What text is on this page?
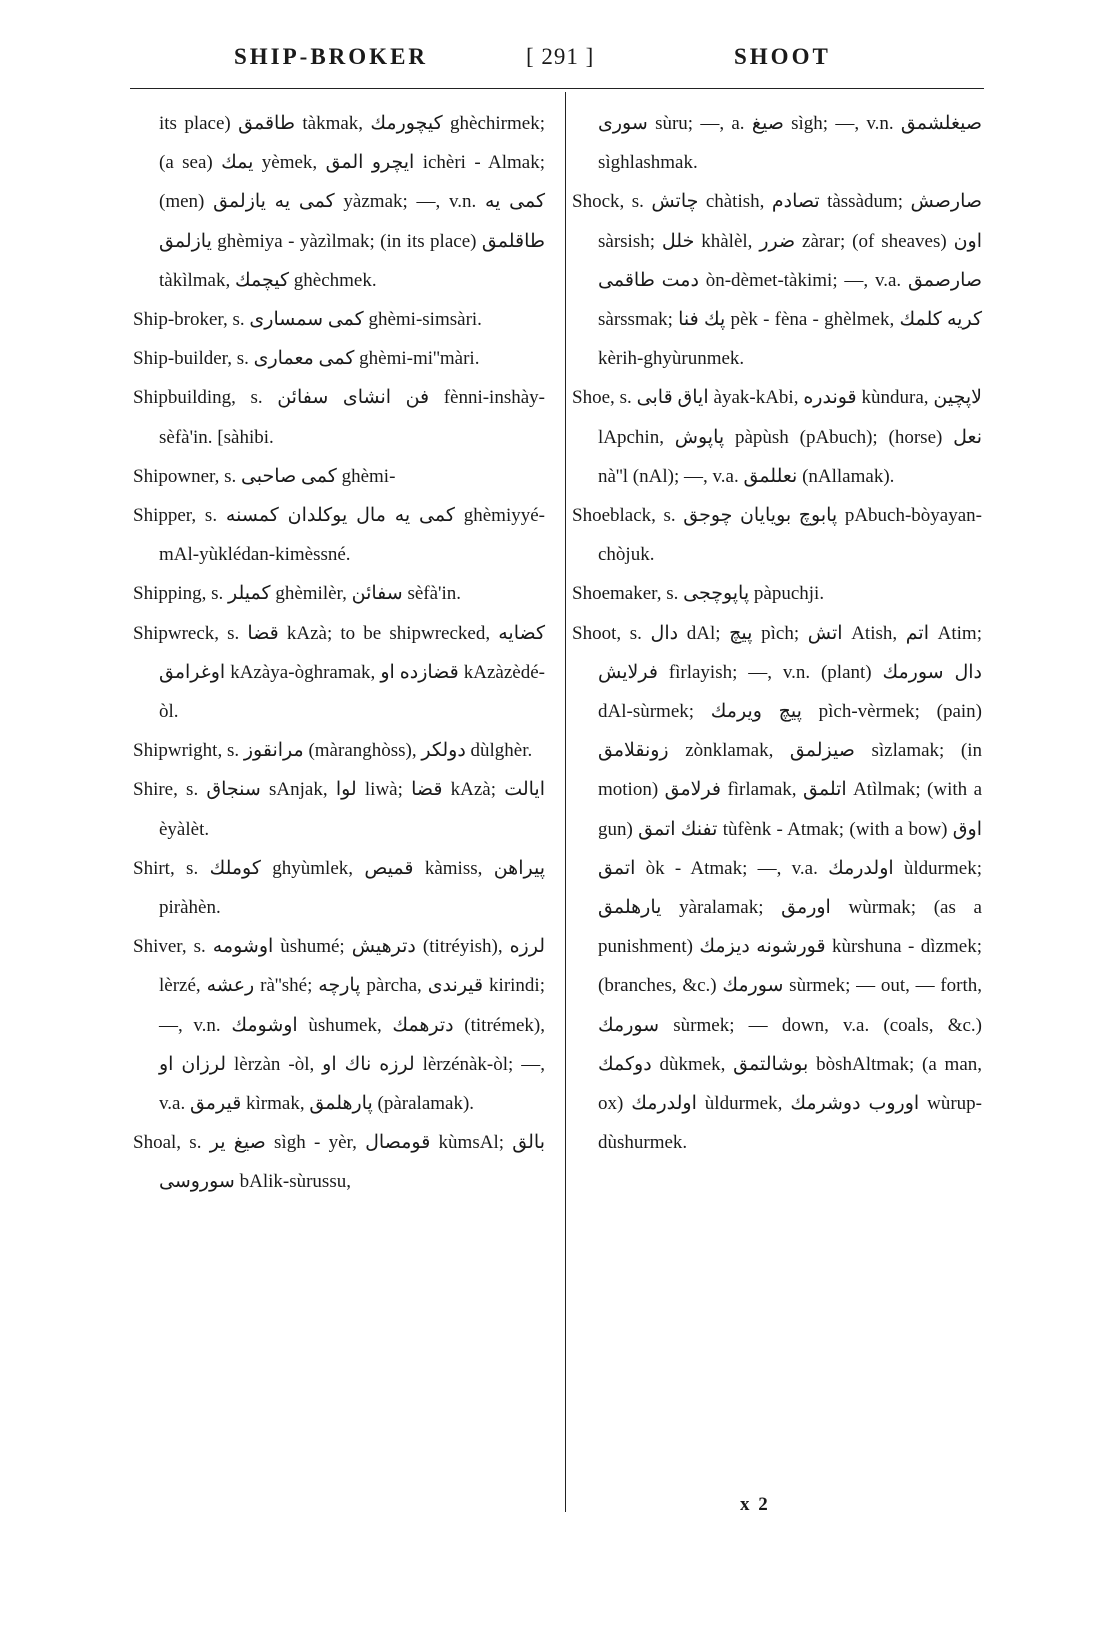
SHIP-BROKER	[ 291 ]	SHOOT

its place) طاقمق tàkmak, كيچورمك ghèchirmek; (a sea) يمك yèmek, ايچرو المق ichèri - Almak; (men) كمى يه يازلمق yàzmak; —, v.n. كمى يه يازلمق ghèmiya - yàzìlmak; (in its place) طاقلمق tàkìlmak, كيچمك ghèchmek.

Ship-broker, s. كمى سمسارى ghèmi-simsàri.

Ship-builder, s. كمى معمارى ghèmi-mi''màri.

Shipbuilding, s. فن انشاى سفائن fènni-inshày-sèfà'in. [sàhibi.

Shipowner, s. كمى صاحبى ghèmi-

Shipper, s. كمى يه مال يوكلدان كمسنه ghèmiyyé-mAl-yùklédan-kimèssné.

Shipping, s. كميلر ghèmilèr, سفائن sèfà'in.

Shipwreck, s. قضا kAzà; to be shipwrecked, كضايه اوغرامق kAzàya-òghramak, قضازده او kAzàzèdé-òl.

Shipwright, s. مرانقوز (màranghòss), دولكر dùlghèr.

Shire, s. سنجاق sAnjak, لوا liwà; قضا kAzà; ايالت èyàlèt.

Shirt, s. كوملك ghyùmlek, قميص kàmiss, پيراهن piràhèn.

Shiver, s. اوشومه ùshumé; دترهيش (titréyish), لرزه lèrzé, رعشه rà''shé; پارچه pàrcha, قيرندى kirindi; —, v.n. اوشومك ùshumek, دترهمك (titrémek), لرزان او lèrzàn -òl, لرزه ناك او lèrzénàk-òl; —, v.a. قيرمق kìrmak, پارهلمق (pàralamak).

Shoal, s. صيغ ير sìgh - yèr, قومصال kùmsAl; بالق سوروسى bAlik-sùrussu,

سورى sùru; —, a. صيغ sìgh; —, v.n. صيغلشمق sìghlashmak.

Shock, s. چاتش chàtish, تصادم tàssàdum; صارصش sàrsish; خلل khàlèl, ضرر zàrar; (of sheaves) اون دمت طاقمى òn-dèmet-tàkimi; —, v.a. صارصمق sàrssmak; پك فنا pèk - fèna - ghèlmek, كريه كلمك kèrih-ghyùrunmek.

Shoe, s. اياق قابى àyak-kAbi, قوندره kùndura, لاپچين lApchin, پاپوش pàpùsh (pAbuch); (horse) نعل nà''l (nAl); —, v.a. نعللمق (nAllamak).

Shoeblack, s. پابوچ بويايان چوجق pAbuch-bòyayan-chòjuk.

Shoemaker, s. پاپوچجى pàpuchji.

Shoot, s. دال dAl; پيچ pìch; اتش Atish, اتم Atim; فرلايش fìrlayish; —, v.n. (plant) دال سورمك dAl-sùrmek; پيچ ويرمك pìch-vèrmek; (pain) زونقلامق zònklamak, صيزلمق sìzlamak; (in motion) فرلامق fìrlamak, اتلمق Atìlmak; (with a gun) تفنك اتمق tùfènk - Atmak; (with a bow) اوق اتمق òk - Atmak; —, v.a. اولدرمك ùldurmek; يارهلمق yàralamak; اورمق wùrmak; (as a punishment) قورشونه ديزمك kùrshuna - dìzmek; (branches, &c.) سورمك sùrmek; — out, — forth, سورمك sùrmek; — down, v.a. (coals, &c.) دوكمك dùkmek, بوشالتمق bòshAltmak; (a man, ox) اولدرمك ùldurmek, اوروب دوشرمك wùrup-dùshurmek.

x 2
